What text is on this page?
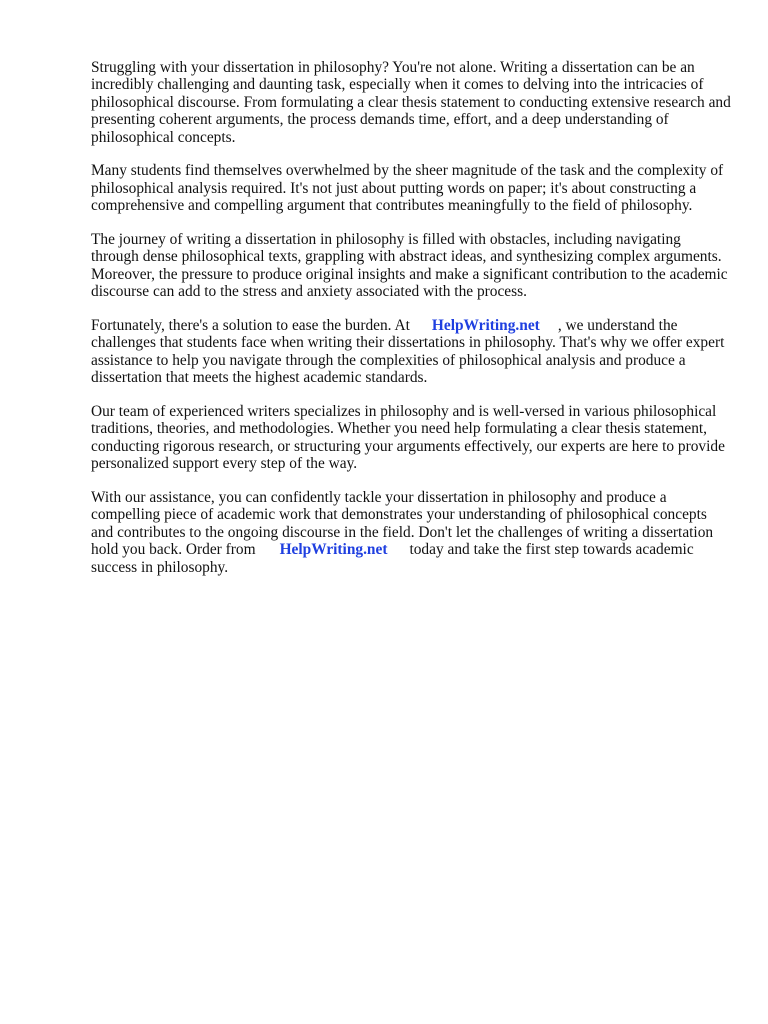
Struggling with your dissertation in philosophy? You're not alone. Writing a dissertation can be an incredibly challenging and daunting task, especially when it comes to delving into the intricacies of philosophical discourse. From formulating a clear thesis statement to conducting extensive research and presenting coherent arguments, the process demands time, effort, and a deep understanding of philosophical concepts.

Many students find themselves overwhelmed by the sheer magnitude of the task and the complexity of philosophical analysis required. It's not just about putting words on paper; it's about constructing a comprehensive and compelling argument that contributes meaningfully to the field of philosophy.

The journey of writing a dissertation in philosophy is filled with obstacles, including navigating through dense philosophical texts, grappling with abstract ideas, and synthesizing complex arguments. Moreover, the pressure to produce original insights and make a significant contribution to the academic discourse can add to the stress and anxiety associated with the process.

Fortunately, there's a solution to ease the burden. At HelpWriting.net , we understand the challenges that students face when writing their dissertations in philosophy. That's why we offer expert assistance to help you navigate through the complexities of philosophical analysis and produce a dissertation that meets the highest academic standards.

Our team of experienced writers specializes in philosophy and is well-versed in various philosophical traditions, theories, and methodologies. Whether you need help formulating a clear thesis statement, conducting rigorous research, or structuring your arguments effectively, our experts are here to provide personalized support every step of the way.

With our assistance, you can confidently tackle your dissertation in philosophy and produce a compelling piece of academic work that demonstrates your understanding of philosophical concepts and contributes to the ongoing discourse in the field. Don't let the challenges of writing a dissertation hold you back. Order from HelpWriting.net today and take the first step towards academic success in philosophy.
